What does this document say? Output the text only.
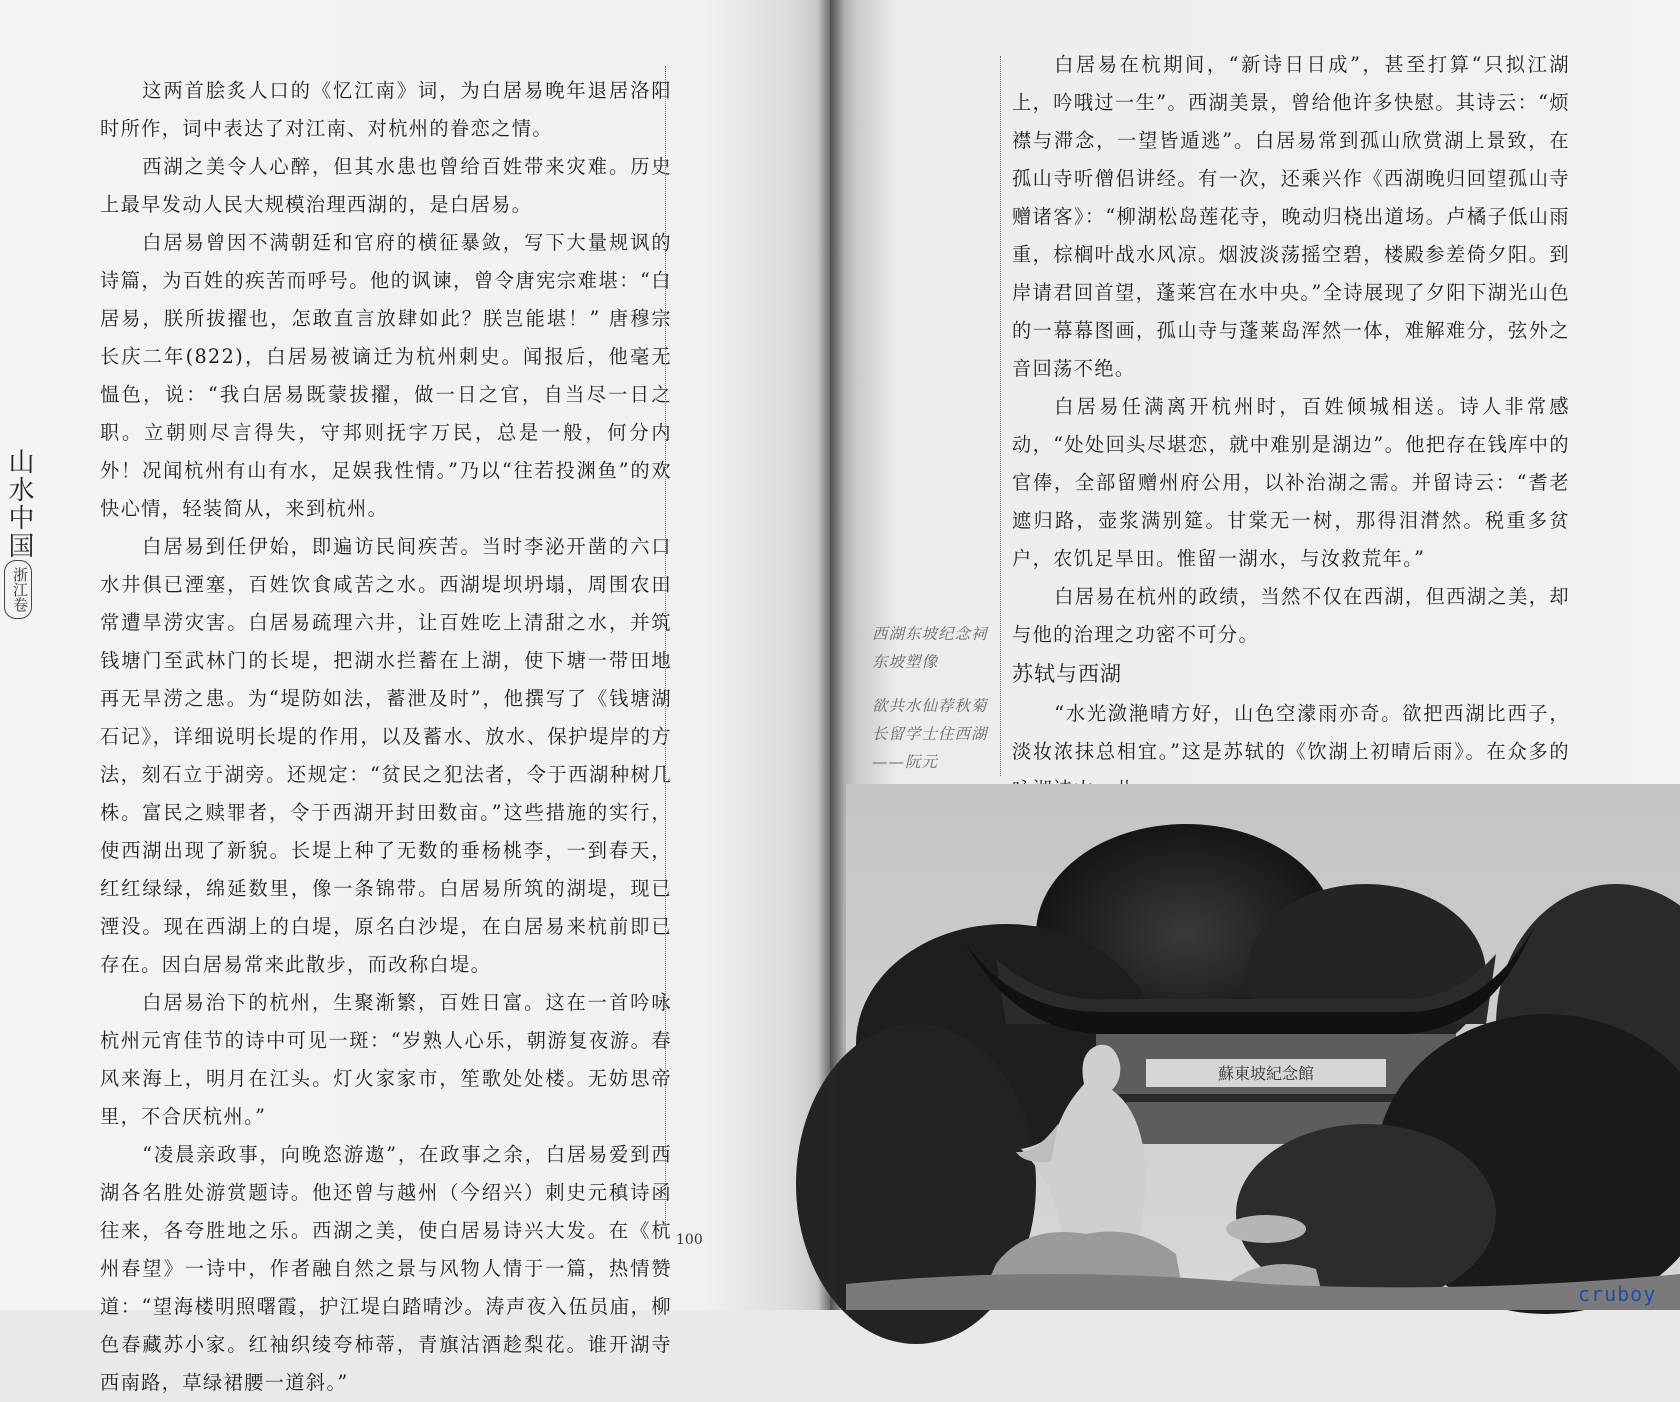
山水中国
浙江卷

这两首脍炙人口的《忆江南》词，为白居易晚年退居洛阳时所作，词中表达了对江南、对杭州的眷恋之情。

西湖之美令人心醉，但其水患也曾给百姓带来灾难。历史上最早发动人民大规模治理西湖的，是白居易。

白居易曾因不满朝廷和官府的横征暴敛，写下大量规讽的诗篇，为百姓的疾苦而呼号。他的讽谏，曾令唐宪宗难堪：“白居易，朕所拔擢也，怎敢直言放肆如此？朕岂能堪！” 唐穆宗长庆二年(822)，白居易被谪迁为杭州刺史。闻报后，他毫无愠色，说：“我白居易既蒙拔擢，做一日之官，自当尽一日之职。立朝则尽言得失，守邦则抚字万民，总是一般，何分内外！况闻杭州有山有水，足娱我性情。”乃以“往若投渊鱼”的欢快心情，轻装简从，来到杭州。

白居易到任伊始，即遍访民间疾苦。当时李泌开凿的六口水井俱已湮塞，百姓饮食咸苦之水。西湖堤坝坍塌，周围农田常遭旱涝灾害。白居易疏理六井，让百姓吃上清甜之水，并筑钱塘门至武林门的长堤，把湖水拦蓄在上湖，使下塘一带田地再无旱涝之患。为“堤防如法，蓄泄及时”，他撰写了《钱塘湖石记》，详细说明长堤的作用，以及蓄水、放水、保护堤岸的方法，刻石立于湖旁。还规定：“贫民之犯法者，令于西湖种树几株。富民之赎罪者，令于西湖开封田数亩。”这些措施的实行，使西湖出现了新貌。长堤上种了无数的垂杨桃李，一到春天，红红绿绿，绵延数里，像一条锦带。白居易所筑的湖堤，现已湮没。现在西湖上的白堤，原名白沙堤，在白居易来杭前即已存在。因白居易常来此散步，而改称白堤。

白居易治下的杭州，生聚渐繁，百姓日富。这在一首吟咏杭州元宵佳节的诗中可见一斑：“岁熟人心乐，朝游复夜游。春风来海上，明月在江头。灯火家家市，笙歌处处楼。无妨思帝里，不合厌杭州。”

“凌晨亲政事，向晚恣游遨”，在政事之余，白居易爱到西湖各名胜处游赏题诗。他还曾与越州（今绍兴）刺史元稹诗函往来，各夸胜地之乐。西湖之美，使白居易诗兴大发。在《杭州春望》一诗中，作者融自然之景与风物人情于一篇，热情赞道：“望海楼明照曙霞，护江堤白踏晴沙。涛声夜入伍员庙，柳色春藏苏小家。红袖织绫夸柿蒂，青旗沽酒趁梨花。谁开湖寺西南路，草绿裙腰一道斜。”

100

白居易在杭期间，“新诗日日成”，甚至打算“只拟江湖上，吟哦过一生”。西湖美景，曾给他许多快慰。其诗云：“烦襟与滞念，一望皆遁逃”。白居易常到孤山欣赏湖上景致，在孤山寺听僧侣讲经。有一次，还乘兴作《西湖晚归回望孤山寺赠诸客》：“柳湖松岛莲花寺，晚动归桡出道场。卢橘子低山雨重，棕榈叶战水风凉。烟波淡荡摇空碧，楼殿参差倚夕阳。到岸请君回首望，蓬莱宫在水中央。”全诗展现了夕阳下湖光山色的一幕幕图画，孤山寺与蓬莱岛浑然一体，难解难分，弦外之音回荡不绝。

白居易任满离开杭州时，百姓倾城相送。诗人非常感动，“处处回头尽堪恋，就中难别是湖边”。他把存在钱库中的官俸，全部留赠州府公用，以补治湖之需。并留诗云：“耆老遮归路，壶浆满别筵。甘棠无一树，那得泪潸然。税重多贫户，农饥足旱田。惟留一湖水，与汝救荒年。”

白居易在杭州的政绩，当然不仅在西湖，但西湖之美，却与他的治理之功密不可分。

西湖东坡纪念祠

东坡塑像

欲共水仙荐秋菊

长留学士住西湖

——阮元

苏轼与西湖

“水光潋滟晴方好，山色空濛雨亦奇。欲把西湖比西子，淡妆浓抹总相宜。”这是苏轼的《饮湖上初晴后雨》。在众多的

蘇東坡紀念館
cruboy
